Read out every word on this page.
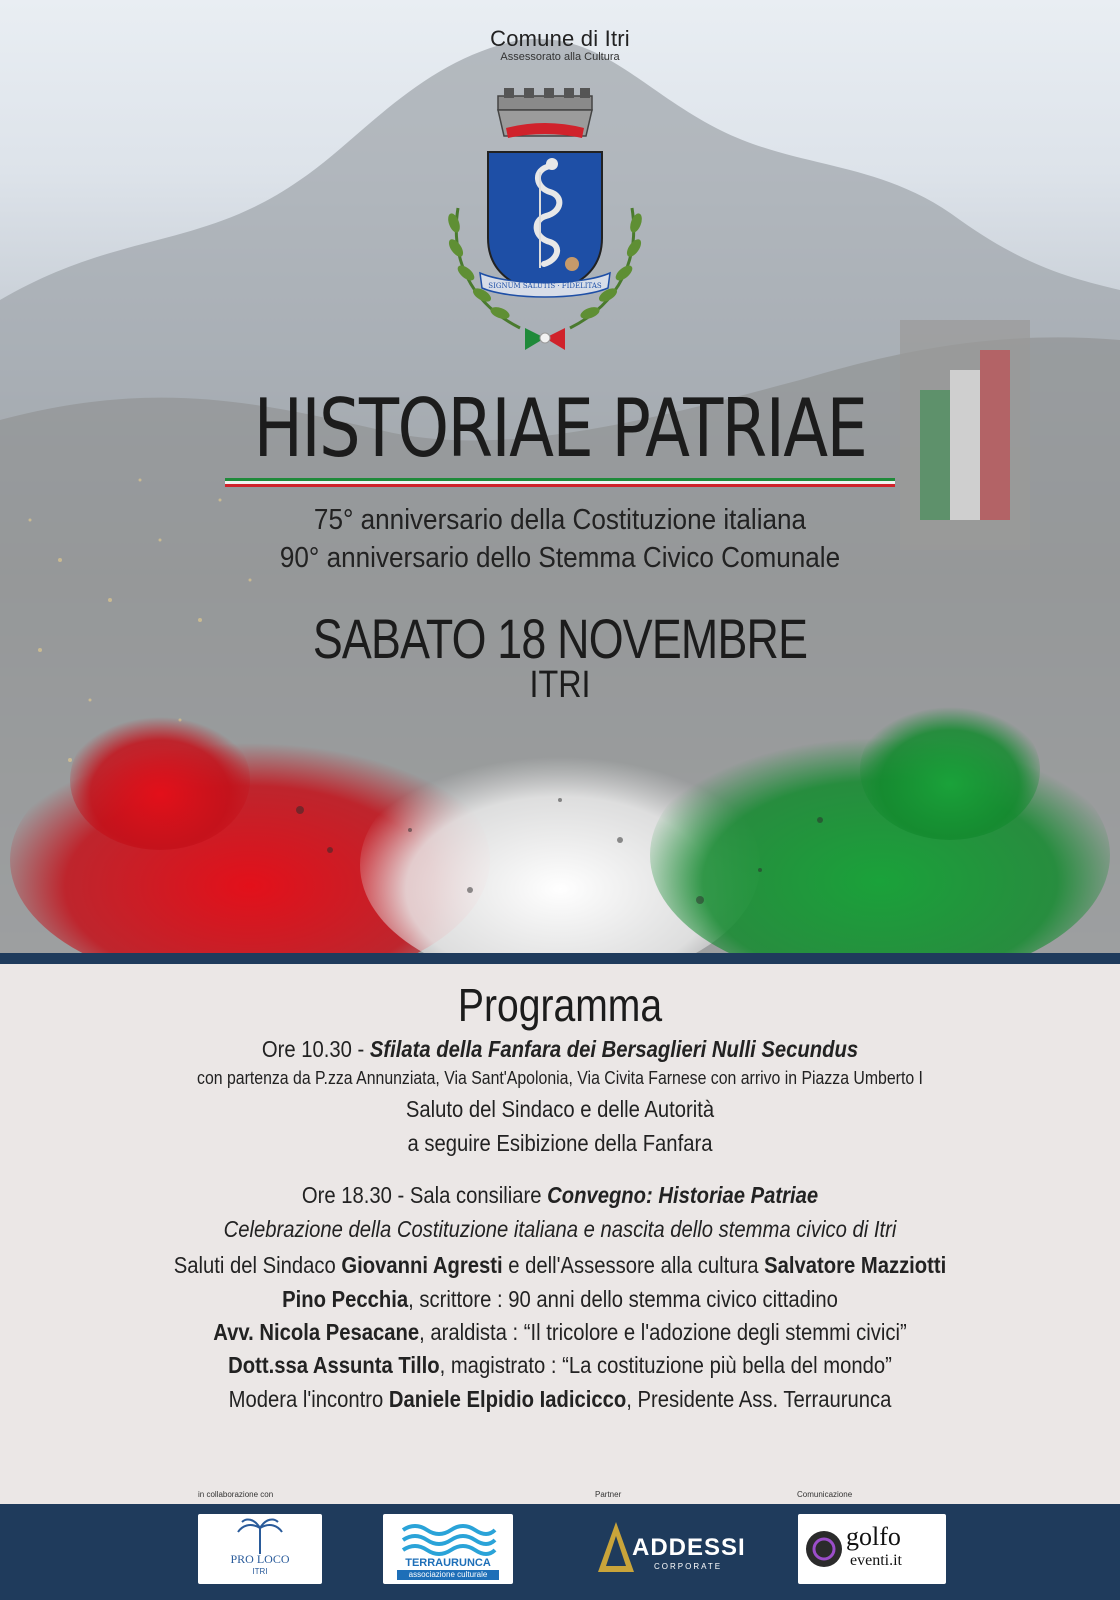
Comune di Itri
Assessorato alla Cultura
SIGNUM SALUTIS · FIDELITAS
HISTORIAE PATRIAE
75° anniversario della Costituzione italiana
90° anniversario dello Stemma Civico Comunale
SABATO 18 NOVEMBRE
ITRI
Programma
Ore 10.30 - Sfilata della Fanfara dei Bersaglieri Nulli Secundus
con partenza da P.zza Annunziata, Via Sant'Apolonia, Via Civita Farnese con arrivo in Piazza Umberto I
Saluto del Sindaco e delle Autorità
a seguire Esibizione della Fanfara
Ore 18.30 - Sala consiliare Convegno: Historiae Patriae
Celebrazione della Costituzione italiana e nascita dello stemma civico di Itri
Saluti del Sindaco Giovanni Agresti e dell'Assessore alla cultura Salvatore Mazziotti
Pino Pecchia, scrittore : 90 anni dello stemma civico cittadino
Avv. Nicola Pesacane, araldista : “Il tricolore e l'adozione degli stemmi civici”
Dott.ssa Assunta Tillo, magistrato : “La costituzione più bella del mondo”
Modera l'incontro Daniele Elpidio Iadicicco, Presidente Ass. Terraurunca
in collaborazione con	Partner	Comunicazione
PRO LOCO
ITRI
TERRAURUNCA
associazione culturale
ADDESSI
CORPORATE
golfo
eventi.it
